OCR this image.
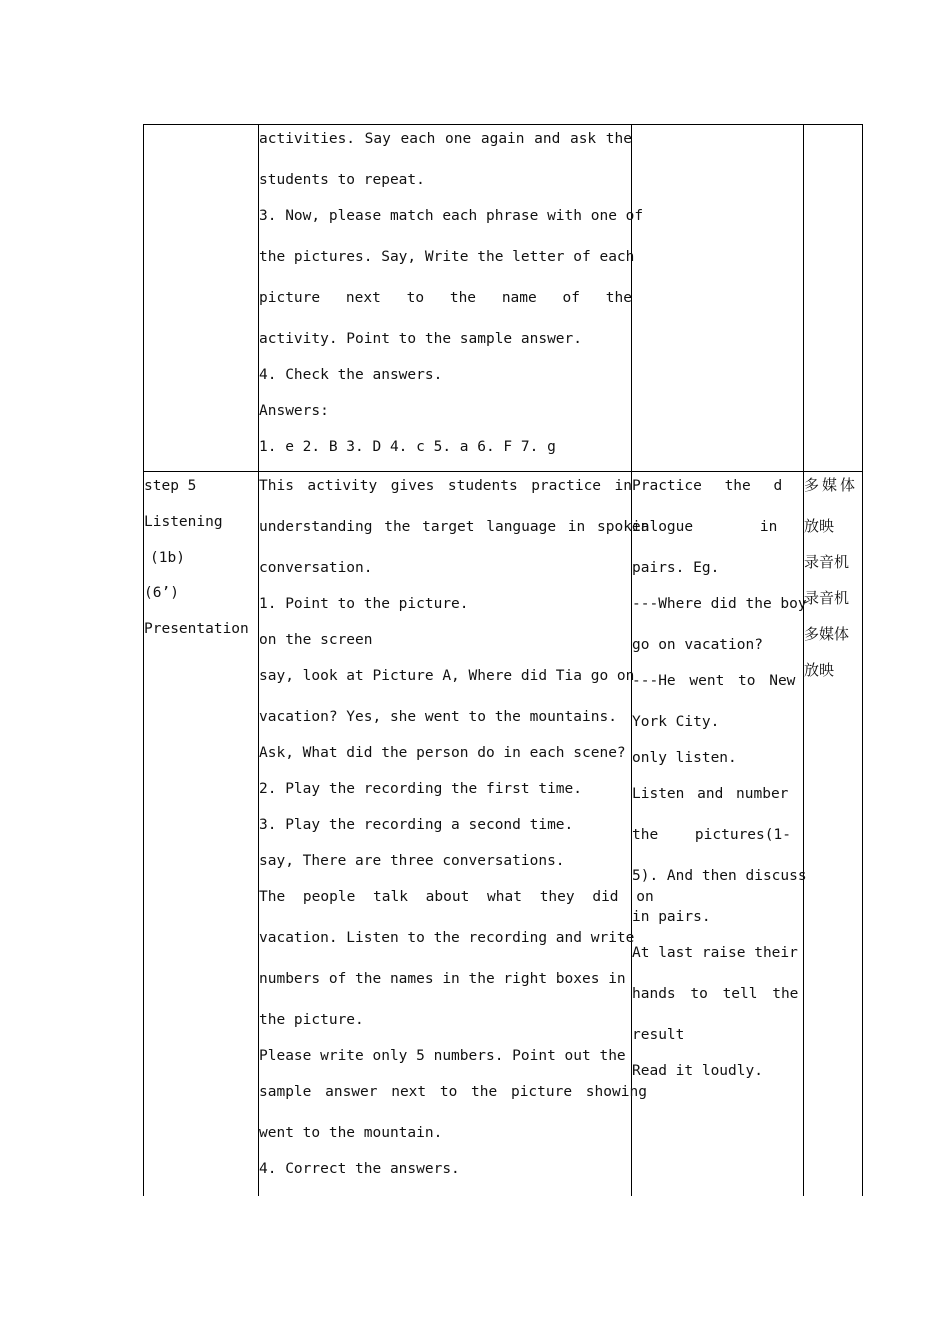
activities. Say each one again and ask the

students to repeat.

3. Now, please match each phrase with one of

the pictures. Say, Write the letter of each

picture next to the name of the

activity. Point to the sample answer.

4. Check the answers.

Answers:

1. e 2. B 3. D 4. c 5. a 6. F 7. g

step 5

Listening

(1b)

(6’)

Presentation

This activity gives students practice in

understanding the target language in spoken

conversation.

1. Point to the picture.

on the screen

say, look at Picture A, Where did Tia go on

vacation? Yes, she went to the mountains.

Ask, What did the person do in each scene?

2. Play the recording the first time.

3. Play the recording a second time.

say, There are three conversations.

The people talk about what they did on

vacation. Listen to the recording and write

numbers of the names in the right boxes in

the picture.

Please write only 5 numbers. Point out the

sample answer next to the picture showing

went to the mountain.

4. Correct the answers.

Practice the d

ialogue in

pairs. Eg.

---Where did the boy

go on vacation?

---He went to New

York City.

only listen.

Listen and number

the pictures(1-

5). And then discuss

in pairs.

At last raise their

hands to tell the

result

Read it loudly.

多媒体

放映

录音机

录音机

多媒体

放映
